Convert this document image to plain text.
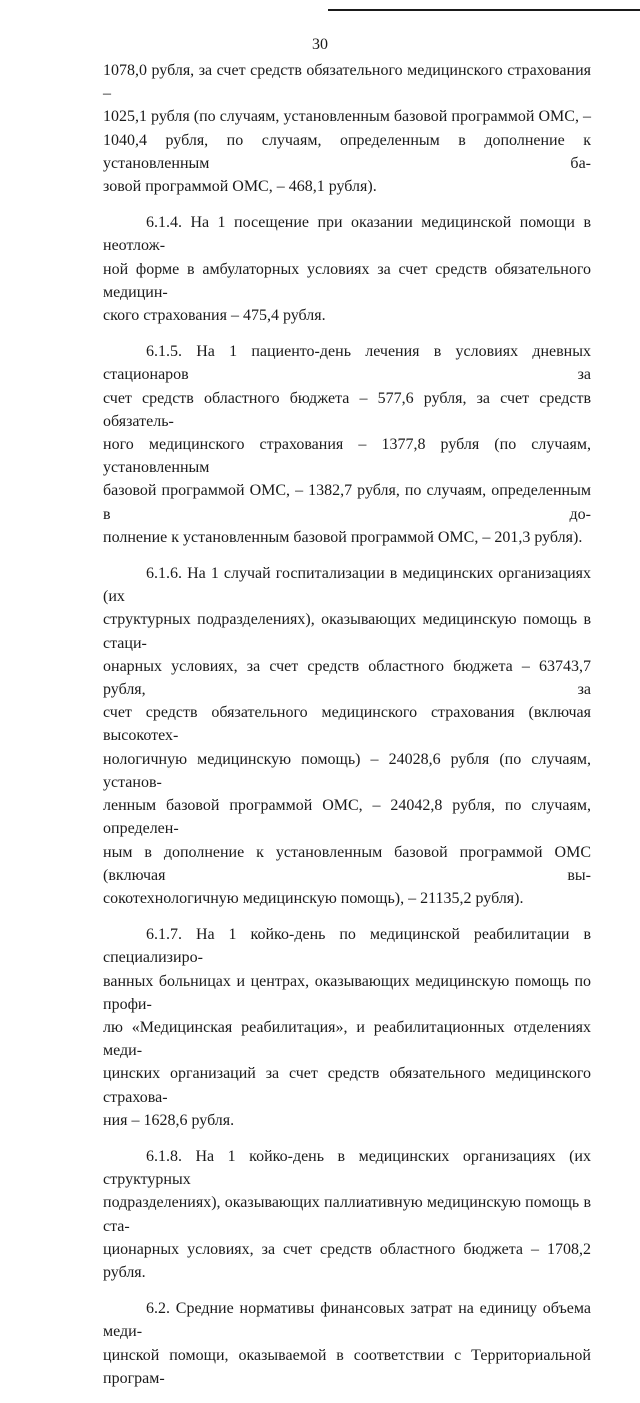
30

1078,0 рубля, за счет средств обязательного медицинского страхования –
1025,1 рубля (по случаям, установленным базовой программой ОМС, –
1040,4 рубля, по случаям, определенным в дополнение к установленным ба-
зовой программой ОМС, – 468,1 рубля).

6.1.4. На 1 посещение при оказании медицинской помощи в неотлож-
ной форме в амбулаторных условиях за счет средств обязательного медицин-
ского страхования – 475,4 рубля.

6.1.5. На 1 пациенто-день лечения в условиях дневных стационаров за
счет средств областного бюджета – 577,6 рубля, за счет средств обязатель-
ного медицинского страхования – 1377,8 рубля (по случаям, установленным
базовой программой ОМС, – 1382,7 рубля, по случаям, определенным в до-
полнение к установленным базовой программой ОМС, – 201,3 рубля).

6.1.6. На 1 случай госпитализации в медицинских организациях (их
структурных подразделениях), оказывающих медицинскую помощь в стаци-
онарных условиях, за счет средств областного бюджета – 63743,7 рубля, за
счет средств обязательного медицинского страхования (включая высокотех-
нологичную медицинскую помощь) – 24028,6 рубля (по случаям, установ-
ленным базовой программой ОМС, – 24042,8 рубля, по случаям, определен-
ным в дополнение к установленным базовой программой ОМС (включая вы-
сокотехнологичную медицинскую помощь), – 21135,2 рубля).

6.1.7. На 1 койко-день по медицинской реабилитации в специализиро-
ванных больницах и центрах, оказывающих медицинскую помощь по профи-
лю «Медицинская реабилитация», и реабилитационных отделениях меди-
цинских организаций за счет средств обязательного медицинского страхова-
ния – 1628,6 рубля.

6.1.8. На 1 койко-день в медицинских организациях (их структурных
подразделениях), оказывающих паллиативную медицинскую помощь в ста-
ционарных условиях, за счет средств областного бюджета – 1708,2 рубля.

6.2. Средние нормативы финансовых затрат на единицу объема меди-
цинской помощи, оказываемой в соответствии с Территориальной програм-
